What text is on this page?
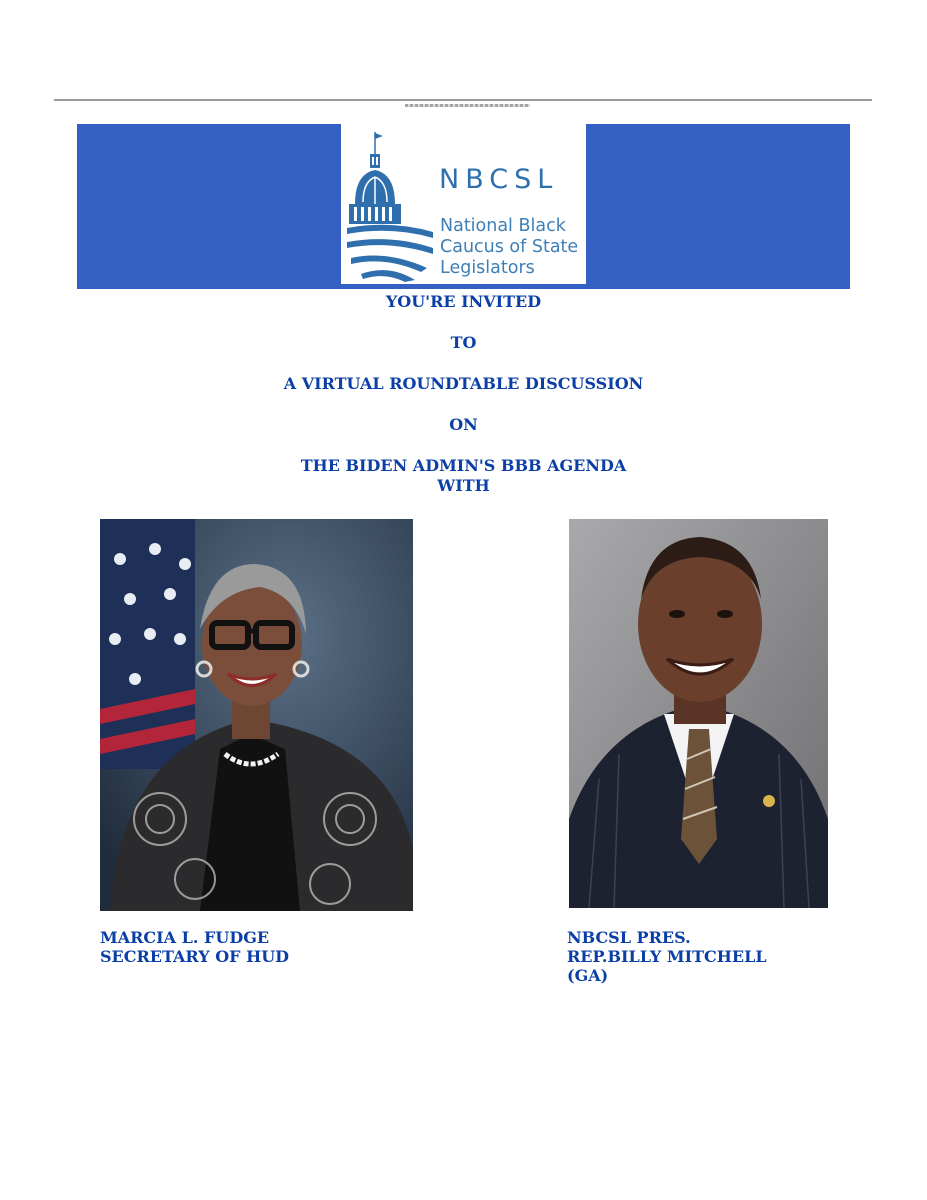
NBCSL
National Black
Caucus of State
Legislators
YOU'RE INVITED
TO
A VIRTUAL ROUNDTABLE DISCUSSION
ON
THE BIDEN ADMIN'S BBB AGENDA
WITH
MARCIA L. FUDGE
SECRETARY OF HUD
NBCSL PRES.
REP.BILLY MITCHELL
(GA)
